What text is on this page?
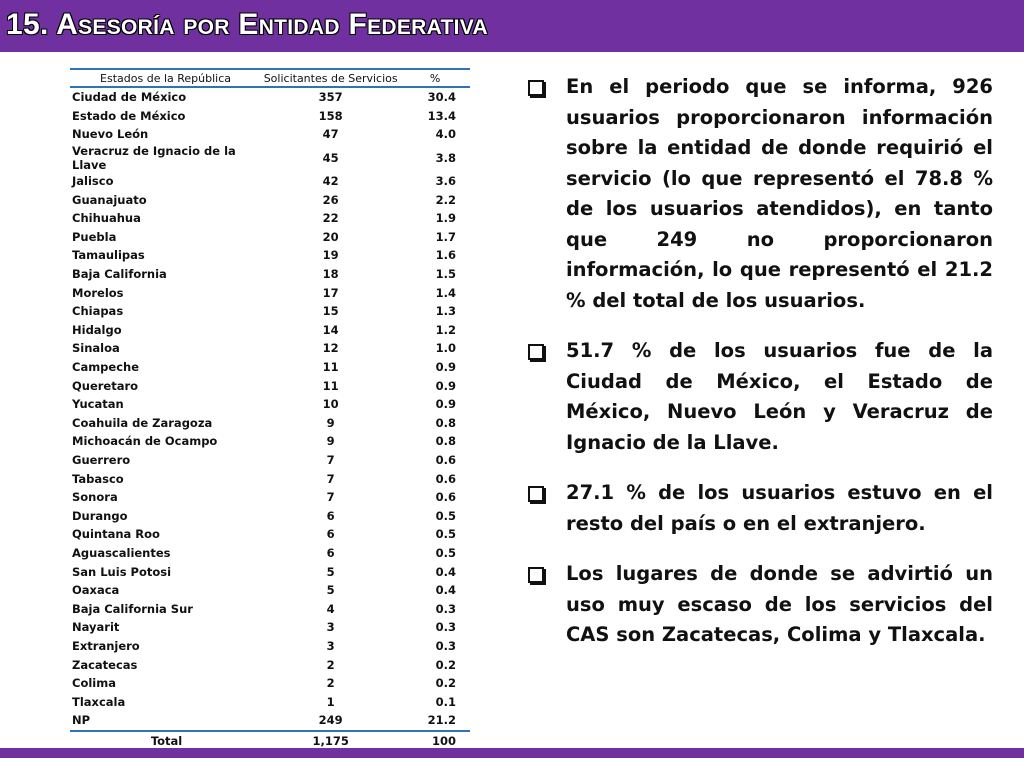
15. Asesoría por Entidad Federativa
Estados de la República	Solicitantes de Servicios	%
Ciudad de México	357	30.4
Estado de México	158	13.4
Nuevo León	47	4.0
Veracruz de Ignacio de la Llave	45	3.8
Jalisco	42	3.6
Guanajuato	26	2.2
Chihuahua	22	1.9
Puebla	20	1.7
Tamaulipas	19	1.6
Baja California	18	1.5
Morelos	17	1.4
Chiapas	15	1.3
Hidalgo	14	1.2
Sinaloa	12	1.0
Campeche	11	0.9
Queretaro	11	0.9
Yucatan	10	0.9
Coahuila de Zaragoza	9	0.8
Michoacán de Ocampo	9	0.8
Guerrero	7	0.6
Tabasco	7	0.6
Sonora	7	0.6
Durango	6	0.5
Quintana Roo	6	0.5
Aguascalientes	6	0.5
San Luis Potosi	5	0.4
Oaxaca	5	0.4
Baja California Sur	4	0.3
Nayarit	3	0.3
Extranjero	3	0.3
Zacatecas	2	0.2
Colima	2	0.2
Tlaxcala	1	0.1
NP	249	21.2
Total	1,175	100
En el periodo que se informa, 926 usuarios proporcionaron información sobre la entidad de donde requirió el servicio (lo que representó el 78.8 % de los usuarios atendidos), en tanto que 249 no proporcionaron información, lo que representó el 21.2 % del total de los usuarios.
51.7 % de los usuarios fue de la Ciudad de México, el Estado de México, Nuevo León y Veracruz de Ignacio de la Llave.
27.1 % de los usuarios estuvo en el resto del país o en el extranjero.
Los lugares de donde se advirtió un uso muy escaso de los servicios del CAS son Zacatecas, Colima y Tlaxcala.
